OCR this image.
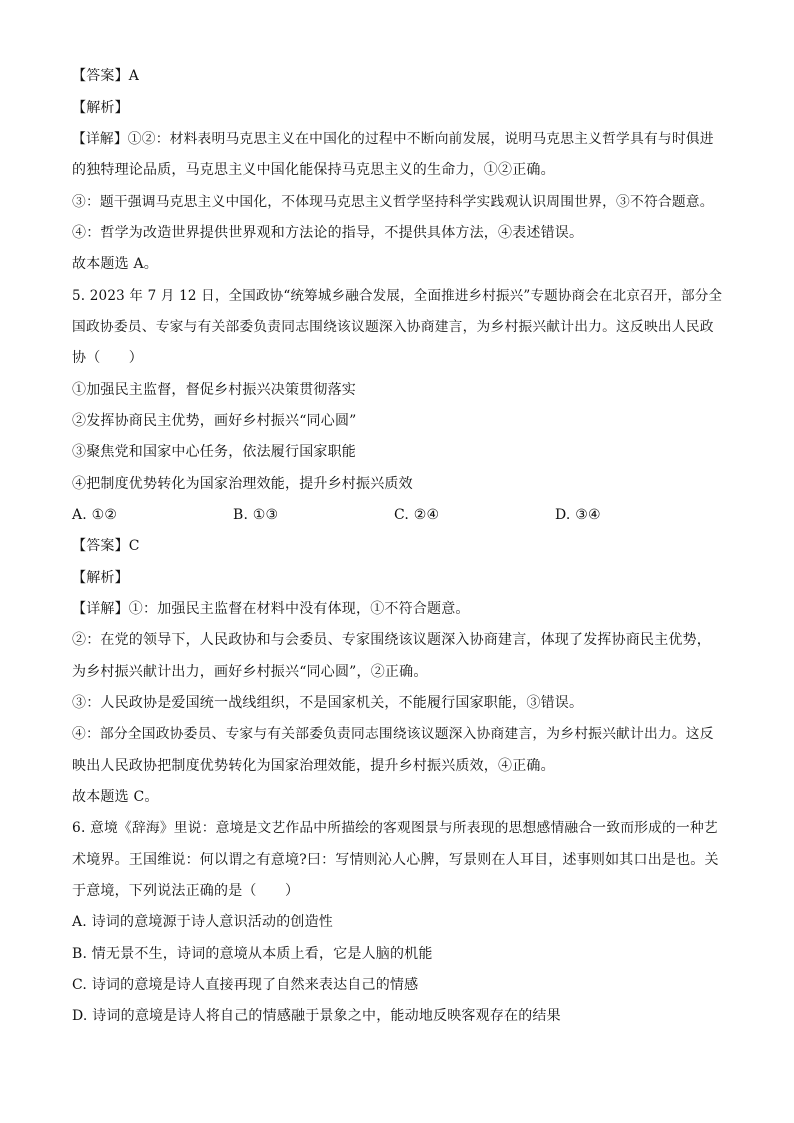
【答案】A
【解析】
【详解】①②：材料表明马克思主义在中国化的过程中不断向前发展，说明马克思主义哲学具有与时俱进
的独特理论品质，马克思主义中国化能保持马克思主义的生命力，①②正确。
③：题干强调马克思主义中国化，不体现马克思主义哲学坚持科学实践观认识周围世界，③不符合题意。
④：哲学为改造世界提供世界观和方法论的指导，不提供具体方法，④表述错误。
故本题选 A。
5. 2023 年 7 月 12 日，全国政协“统筹城乡融合发展，全面推进乡村振兴”专题协商会在北京召开，部分全
国政协委员、专家与有关部委负责同志围绕该议题深入协商建言，为乡村振兴献计出力。这反映出人民政
协（　　）
①加强民主监督，督促乡村振兴决策贯彻落实
②发挥协商民主优势，画好乡村振兴“同心圆”
③聚焦党和国家中心任务，依法履行国家职能
④把制度优势转化为国家治理效能，提升乡村振兴质效
A. ①②	B. ①③	C. ②④	D. ③④
【答案】C
【解析】
【详解】①：加强民主监督在材料中没有体现，①不符合题意。
②：在党的领导下，人民政协和与会委员、专家围绕该议题深入协商建言，体现了发挥协商民主优势，
为乡村振兴献计出力，画好乡村振兴“同心圆”，②正确。
③：人民政协是爱国统一战线组织，不是国家机关，不能履行国家职能，③错误。
④：部分全国政协委员、专家与有关部委负责同志围绕该议题深入协商建言，为乡村振兴献计出力。这反
映出人民政协把制度优势转化为国家治理效能，提升乡村振兴质效，④正确。
故本题选 C。
6. 意境《辞海》里说：意境是文艺作品中所描绘的客观图景与所表现的思想感情融合一致而形成的一种艺
术境界。王国维说：何以谓之有意境?曰：写情则沁人心脾，写景则在人耳目，述事则如其口出是也。关
于意境，下列说法正确的是（　　）
A. 诗词的意境源于诗人意识活动的创造性
B. 情无景不生，诗词的意境从本质上看，它是人脑的机能
C. 诗词的意境是诗人直接再现了自然来表达自己的情感
D. 诗词的意境是诗人将自己的情感融于景象之中，能动地反映客观存在的结果
